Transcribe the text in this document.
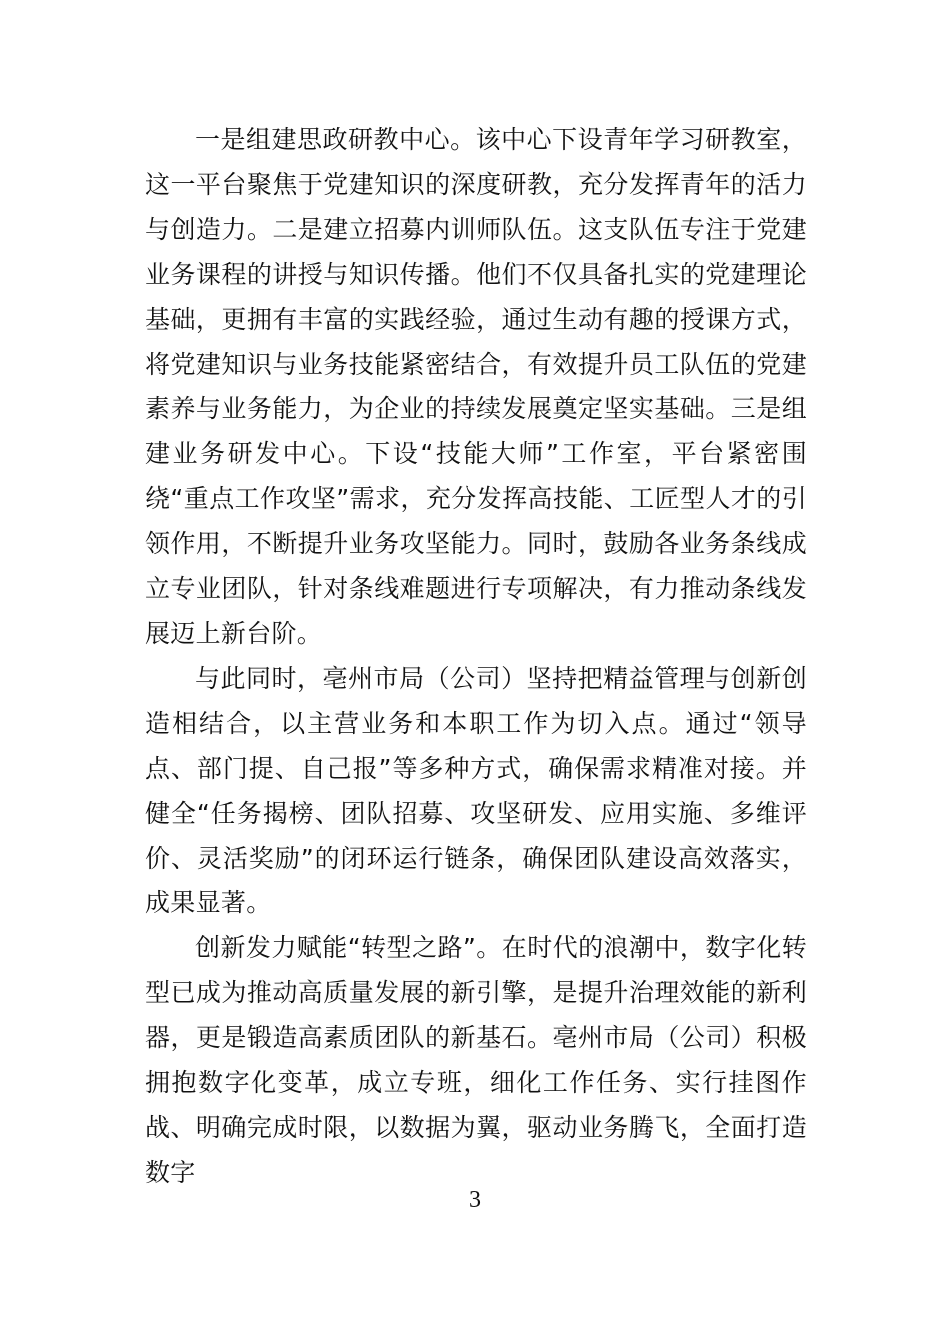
一是组建思政研教中心。该中心下设青年学习研教室，这一平台聚焦于党建知识的深度研教，充分发挥青年的活力与创造力。二是建立招募内训师队伍。这支队伍专注于党建业务课程的讲授与知识传播。他们不仅具备扎实的党建理论基础，更拥有丰富的实践经验，通过生动有趣的授课方式，将党建知识与业务技能紧密结合，有效提升员工队伍的党建素养与业务能力，为企业的持续发展奠定坚实基础。三是组建业务研发中心。下设“技能大师”工作室，平台紧密围绕“重点工作攻坚”需求，充分发挥高技能、工匠型人才的引领作用，不断提升业务攻坚能力。同时，鼓励各业务条线成立专业团队，针对条线难题进行专项解决，有力推动条线发展迈上新台阶。

与此同时，亳州市局（公司）坚持把精益管理与创新创造相结合，以主营业务和本职工作为切入点。通过“领导点、部门提、自己报”等多种方式，确保需求精准对接。并健全“任务揭榜、团队招募、攻坚研发、应用实施、多维评价、灵活奖励”的闭环运行链条，确保团队建设高效落实，成果显著。

创新发力赋能“转型之路”。在时代的浪潮中，数字化转型已成为推动高质量发展的新引擎，是提升治理效能的新利器，更是锻造高素质团队的新基石。亳州市局（公司）积极拥抱数字化变革，成立专班，细化工作任务、实行挂图作战、明确完成时限，以数据为翼，驱动业务腾飞，全面打造数字

3
